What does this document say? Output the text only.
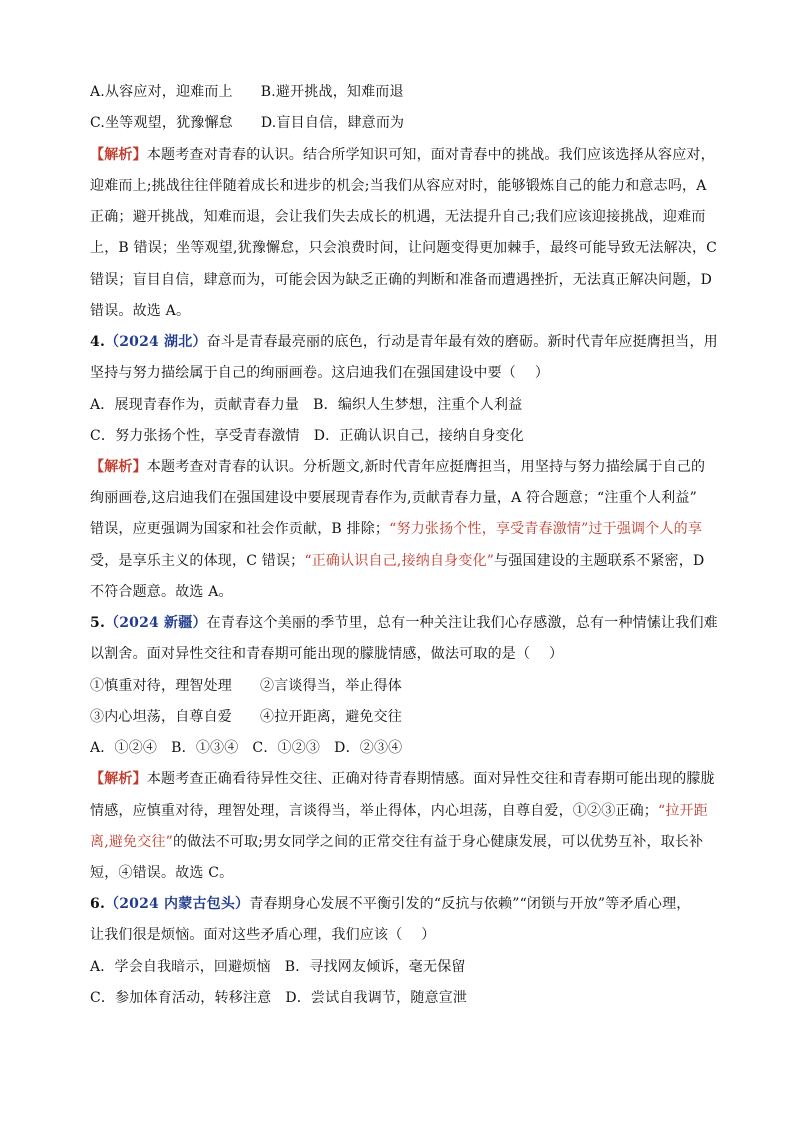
A.从容应对，迎难而上 B.避开挑战，知难而退
C.坐等观望，犹豫懈怠 D.盲目自信，肆意而为
【解析】本题考查对青春的认识。结合所学知识可知，面对青春中的挑战。我们应该选择从容应对，
迎难而上;挑战往往伴随着成长和进步的机会;当我们从容应对时，能够锻炼自己的能力和意志吗，A
正确；避开挑战，知难而退，会让我们失去成长的机遇，无法提升自己;我们应该迎接挑战，迎难而
上，B 错误；坐等观望,犹豫懈怠，只会浪费时间，让问题变得更加棘手，最终可能导致无法解决，C
错误；盲目自信，肆意而为，可能会因为缺乏正确的判断和准备而遭遇挫折，无法真正解决问题，D
错误。故选 A。
4.（2024 湖北）奋斗是青春最亮丽的底色，行动是青年最有效的磨砺。新时代青年应挺膺担当，用
坚持与努力描绘属于自己的绚丽画卷。这启迪我们在强国建设中要（　 ）
A．展现青春作为，贡献青春力量 B．编织人生梦想，注重个人利益
C．努力张扬个性，享受青春激情 D．正确认识自己，接纳自身变化
【解析】本题考查对青春的认识。分析题文,新时代青年应挺膺担当，用坚持与努力描绘属于自己的
绚丽画卷,这启迪我们在强国建设中要展现青春作为,贡献青春力量，A 符合题意；“注重个人利益”
错误，应更强调为国家和社会作贡献，B 排除；“努力张扬个性，享受青春激情”过于强调个人的享
受，是享乐主义的体现，C 错误；“正确认识自己,接纳自身变化”与强国建设的主题联系不紧密，D
不符合题意。故选 A。
5.（2024 新疆）在青春这个美丽的季节里，总有一种关注让我们心存感激，总有一种情愫让我们难
以割舍。面对异性交往和青春期可能出现的朦胧情感，做法可取的是（　 ）
①慎重对待，理智处理 ②言谈得当，举止得体
③内心坦荡，自尊自爱 ④拉开距离，避免交往
A．①②④ B．①③④ C．①②③ D．②③④
【解析】本题考查正确看待异性交往、正确对待青春期情感。面对异性交往和青春期可能出现的朦胧
情感，应慎重对待，理智处理，言谈得当，举止得体，内心坦荡，自尊自爱，①②③正确；“拉开距
离,避免交往”的做法不可取;男女同学之间的正常交往有益于身心健康发展，可以优势互补，取长补
短，④错误。故选 C。
6.（2024 内蒙古包头）青春期身心发展不平衡引发的“反抗与依赖”“闭锁与开放”等矛盾心理，
让我们很是烦恼。面对这些矛盾心理，我们应该（　 ）
A．学会自我暗示，回避烦恼 B．寻找网友倾诉，毫无保留
C．参加体育活动，转移注意 D．尝试自我调节，随意宣泄
